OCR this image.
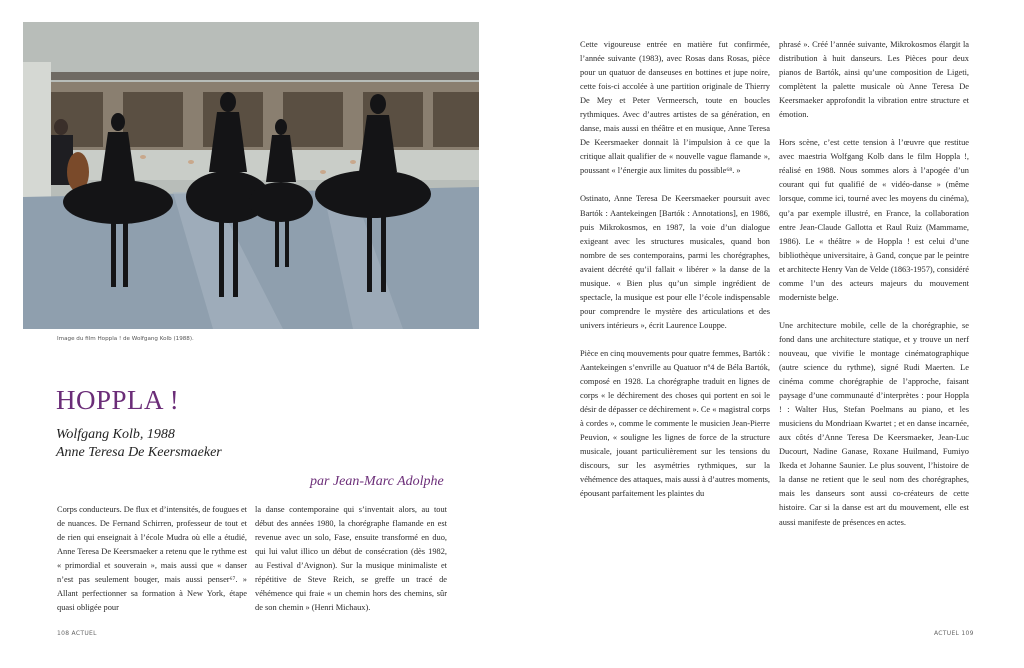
Image du film Hoppla ! de Wolfgang Kolb (1988).
HOPPLA !
Wolfgang Kolb, 1988
Anne Teresa De Keersmaeker
par Jean-Marc Adolphe

Corps conducteurs. De flux et d’intensités, de fougues et de nuances. De Fernand Schirren, professeur de tout et de rien qui enseignait à l’école Mudra où elle a étudié, Anne Teresa De Keersmaeker a retenu que le rythme est « primordial et souverain », mais aussi que « danser n’est pas seulement bouger, mais aussi penser⁶⁷. » Allant perfectionner sa formation à New York, étape quasi obligée pour

la danse contemporaine qui s’inventait alors, au tout début des années 1980, la chorégraphe flamande en est revenue avec un solo, Fase, ensuite transformé en duo, qui lui valut illico un début de consécration (dès 1982, au Festival d’Avignon). Sur la musique minimaliste et répétitive de Steve Reich, se greffe un tracé de véhémence qui fraie « un chemin hors des chemins, sûr de son chemin » (Henri Michaux).

Cette vigoureuse entrée en matière fut confirmée, l’année suivante (1983), avec Rosas dans Rosas, pièce pour un quatuor de danseuses en bottines et jupe noire, cette fois-ci accolée à une partition originale de Thierry De Mey et Peter Vermeersch, toute en boucles rythmiques. Avec d’autres artistes de sa génération, en danse, mais aussi en théâtre et en musique, Anne Teresa De Keersmaeker donnait là l’impulsion à ce que la critique allait qualifier de « nouvelle vague flamande », poussant « l’énergie aux limites du possible⁶⁸. »

Ostinato, Anne Teresa De Keersmaeker poursuit avec Bartók : Aantekeingen [Bartók : Annotations], en 1986, puis Mikrokosmos, en 1987, la voie d’un dialogue exigeant avec les structures musicales, quand bon nombre de ses contemporains, parmi les chorégraphes, avaient décrété qu’il fallait « libérer » la danse de la musique. « Bien plus qu’un simple ingrédient de spectacle, la musique est pour elle l’école indispensable pour comprendre le mystère des articulations et des univers intérieurs », écrit Laurence Louppe.

Pièce en cinq mouvements pour quatre femmes, Bartók : Aantekeingen s’envrille au Quatuor nº4 de Béla Bartók, composé en 1928. La chorégraphe traduit en lignes de corps « le déchirement des choses qui portent en soi le désir de dépasser ce déchirement ». Ce « magistral corps à cordes », comme le commente le musicien Jean-Pierre Peuvion, « souligne les lignes de force de la structure musicale, jouant particulièrement sur les tensions du discours, sur les asymétries rythmiques, sur la véhémence des attaques, mais aussi à d’autres moments, épousant parfaitement les plaintes du

phrasé ». Créé l’année suivante, Mikrokosmos élargit la distribution à huit danseurs. Les Pièces pour deux pianos de Bartók, ainsi qu’une composition de Ligeti, complètent la palette musicale où Anne Teresa De Keersmaeker approfondit la vibration entre structure et émotion.

Hors scène, c’est cette tension à l’œuvre que restitue avec maestria Wolfgang Kolb dans le film Hoppla !, réalisé en 1988. Nous sommes alors à l’apogée d’un courant qui fut qualifié de « vidéo-danse » (même lorsque, comme ici, tourné avec les moyens du cinéma), qu’a par exemple illustré, en France, la collaboration entre Jean-Claude Gallotta et Raul Ruiz (Mammame, 1986). Le « théâtre » de Hoppla ! est celui d’une bibliothèque universitaire, à Gand, conçue par le peintre et architecte Henry Van de Velde (1863-1957), considéré comme l’un des acteurs majeurs du mouvement moderniste belge.

Une architecture mobile, celle de la chorégraphie, se fond dans une architecture statique, et y trouve un nerf nouveau, que vivifie le montage cinématographique (autre science du rythme), signé Rudi Maerten. Le cinéma comme chorégraphie de l’approche, faisant paysage d’une communauté d’interprètes : pour Hoppla ! : Walter Hus, Stefan Poelmans au piano, et les musiciens du Mondriaan Kwartet ; et en danse incarnée, aux côtés d’Anne Teresa De Keersmaeker, Jean-Luc Ducourt, Nadine Ganase, Roxane Huilmand, Fumiyo Ikeda et Johanne Saunier. Le plus souvent, l’histoire de la danse ne retient que le seul nom des chorégraphes, mais les danseurs sont aussi co-créateurs de cette histoire. Car si la danse est art du mouvement, elle est aussi manifeste de présences en actes.

108 ACTUEL	ACTUEL 109
